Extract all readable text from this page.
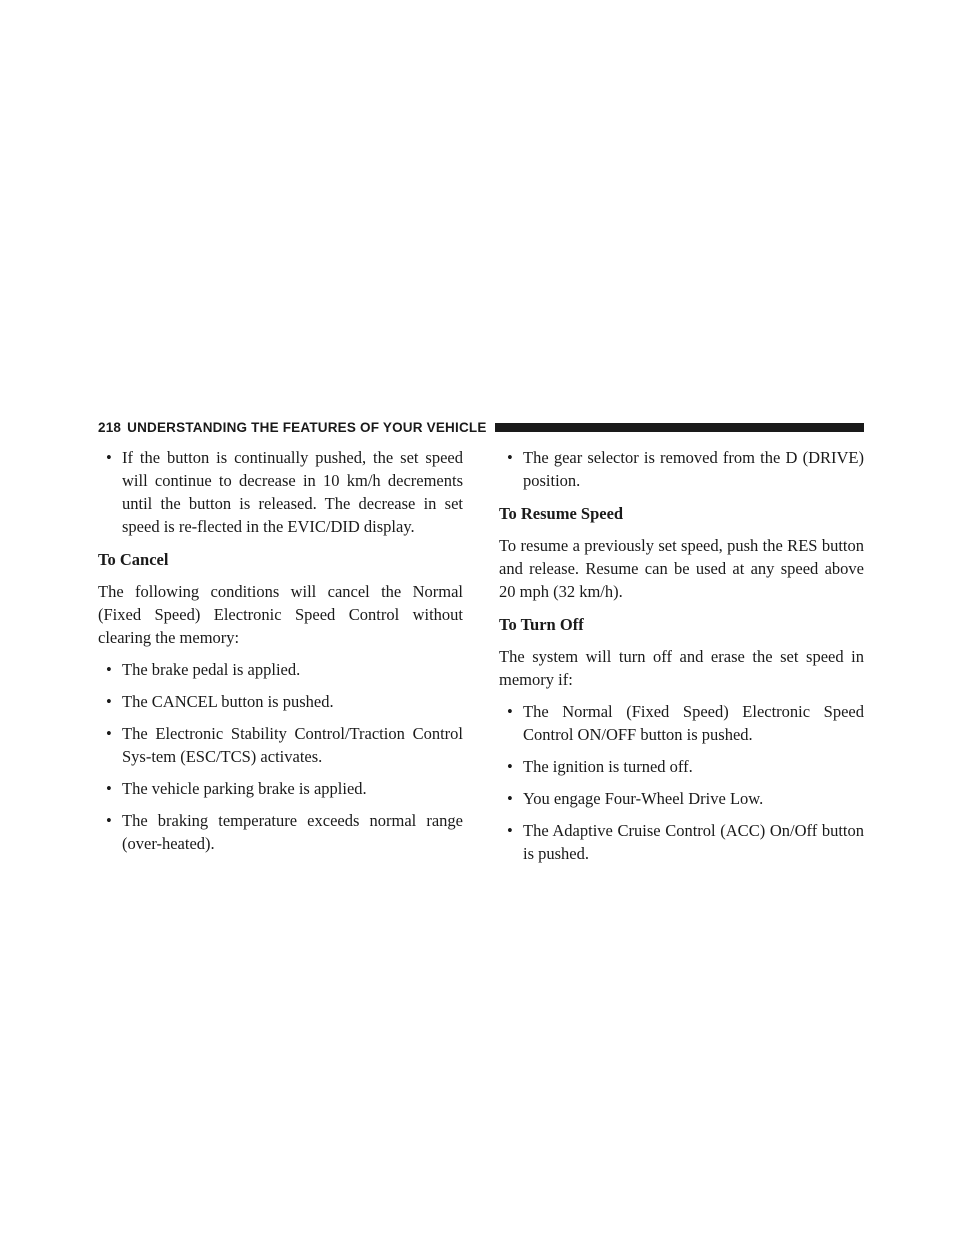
218 UNDERSTANDING THE FEATURES OF YOUR VEHICLE
• If the button is continually pushed, the set speed will continue to decrease in 10 km/h decrements until the button is released. The decrease in set speed is re-flected in the EVIC/DID display.
To Cancel
The following conditions will cancel the Normal (Fixed Speed) Electronic Speed Control without clearing the memory:
• The brake pedal is applied.
• The CANCEL button is pushed.
• The Electronic Stability Control/Traction Control Sys-tem (ESC/TCS) activates.
• The vehicle parking brake is applied.
• The braking temperature exceeds normal range (over-heated).
• The gear selector is removed from the D (DRIVE) position.
To Resume Speed
To resume a previously set speed, push the RES button and release. Resume can be used at any speed above 20 mph (32 km/h).
To Turn Off
The system will turn off and erase the set speed in memory if:
• The Normal (Fixed Speed) Electronic Speed Control ON/OFF button is pushed.
• The ignition is turned off.
• You engage Four-Wheel Drive Low.
• The Adaptive Cruise Control (ACC) On/Off button is pushed.
